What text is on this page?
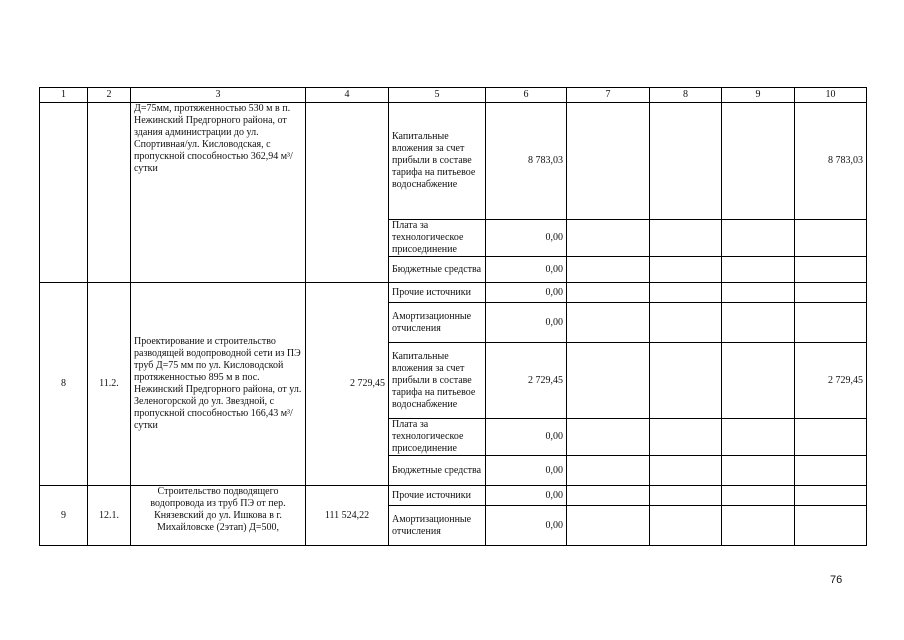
1	2	3	4	5	6	7	8	9	10
		Д=75мм, протяженностью 530 м в п. Нежинский Предгорного района, от здания администрации до ул. Спортивная/ул. Кисловодская, с пропускной способностью 362,94 м³/сутки		Капитальные вложения за счет прибыли в составе тарифа на питьевое водоснабжение	8 783,03				8 783,03
				Плата за технологическое присоединение	0,00				
				Бюджетные средства	0,00				
8	11.2.	Проектирование и строительство разводящей водопроводной сети из ПЭ труб Д=75 мм по ул. Кисловодской протяженностью 895 м в пос. Нежинский Предгорного района, от ул. Зеленогорской до ул. Звездной, с пропускной способностью 166,43 м³/сутки	2 729,45	Прочие источники	0,00				
				Амортизационные отчисления	0,00				
				Капитальные вложения за счет прибыли в составе тарифа на питьевое водоснабжение	2 729,45				2 729,45
				Плата за технологическое присоединение	0,00				
				Бюджетные средства	0,00				
9	12.1.	Строительство подводящего водопровода из труб ПЭ от пер. Князевский до ул. Ишкова в г. Михайловске (2этап) Д=500,	111 524,22	Прочие источники	0,00				
				Амортизационные отчисления	0,00				
76
